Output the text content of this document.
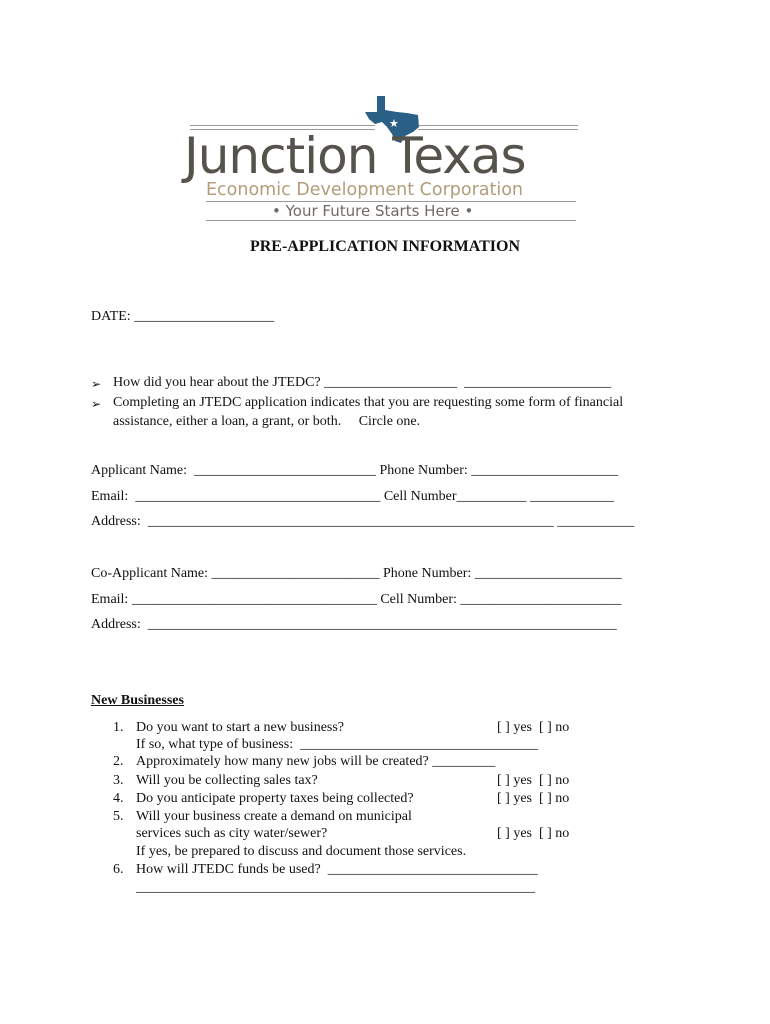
★
Junction Texas
Economic Development Corporation
• Your Future Starts Here •
PRE-APPLICATION INFORMATION
DATE: ____________________
➢ How did you hear about the JTEDC? ___________________  _____________________
➢ Completing an JTEDC application indicates that you are requesting some form of financial
assistance, either a loan, a grant, or both.     Circle one.
Applicant Name:  __________________________ Phone Number: _____________________
Email:  ___________________________________ Cell Number__________ ____________
Address:  __________________________________________________________ ___________
Co-Applicant Name: ________________________ Phone Number: _____________________
Email: ___________________________________ Cell Number: _______________________
Address:  ___________________________________________________________________
New Businesses
1. Do you want to start a new business?	[ ] yes  [ ] no
If so, what type of business:  __________________________________
2. Approximately how many new jobs will be created? _________
3. Will you be collecting sales tax?	[ ] yes  [ ] no
4. Do you anticipate property taxes being collected?	[ ] yes  [ ] no
5. Will your business create a demand on municipal
services such as city water/sewer?	[ ] yes  [ ] no
If yes, be prepared to discuss and document those services.
6. How will JTEDC funds be used?  ______________________________
_________________________________________________________
